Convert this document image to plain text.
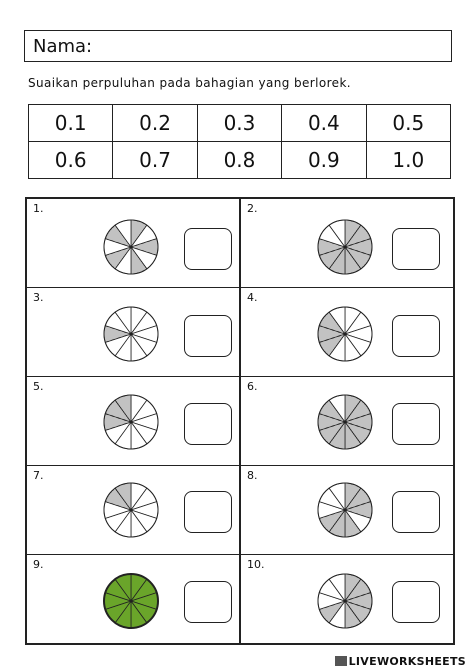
Nama:
Suaikan perpuluhan pada bahagian yang berlorek.
0.1	0.2	0.3	0.4	0.5
0.6	0.7	0.8	0.9	1.0
1.	2.
3.	4.
5.	6.
7.	8.
9.	10.
LIVEWORKSHEETS
